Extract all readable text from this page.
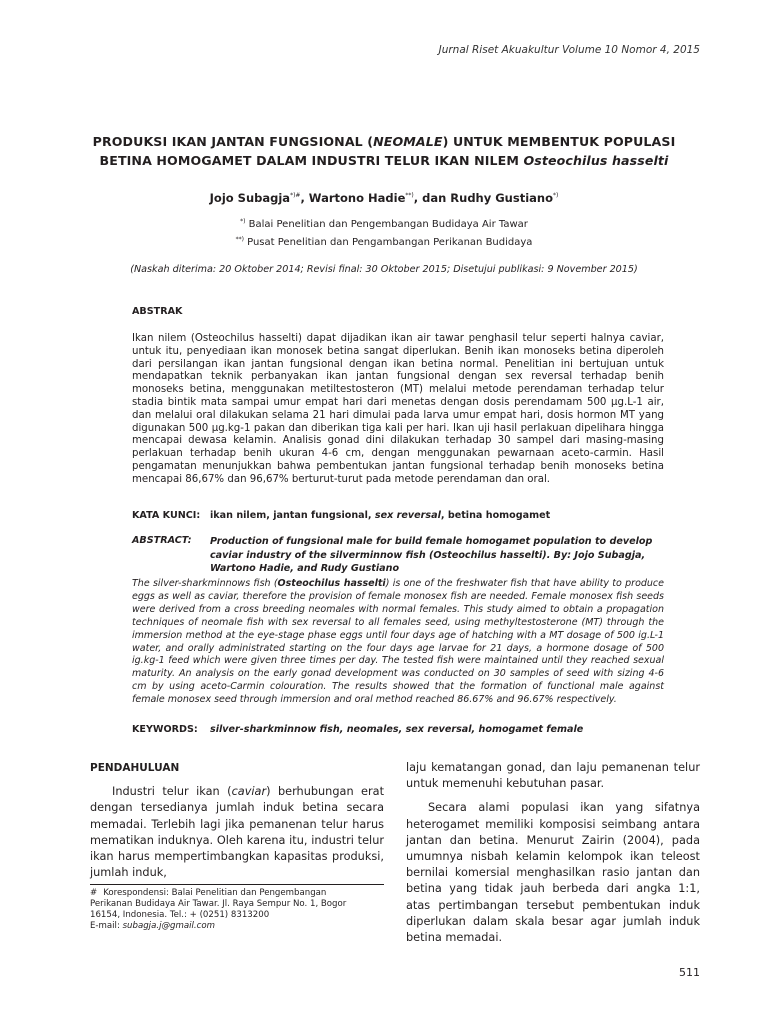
Jurnal Riset Akuakultur Volume 10 Nomor 4, 2015
PRODUKSI IKAN JANTAN FUNGSIONAL (NEOMALE) UNTUK MEMBENTUK POPULASI
BETINA HOMOGAMET DALAM INDUSTRI TELUR IKAN NILEM Osteochilus hasselti
Jojo Subagja*)#, Wartono Hadie**), dan Rudhy Gustiano*)
*) Balai Penelitian dan Pengembangan Budidaya Air Tawar
**) Pusat Penelitian dan Pengambangan Perikanan Budidaya
(Naskah diterima: 20 Oktober 2014; Revisi final: 30 Oktober 2015; Disetujui publikasi: 9 November 2015)
ABSTRAK
Ikan nilem (Osteochilus hasselti) dapat dijadikan ikan air tawar penghasil telur seperti halnya caviar, untuk itu, penyediaan ikan monosek betina sangat diperlukan. Benih ikan monoseks betina diperoleh dari persilangan ikan jantan fungsional dengan ikan betina normal. Penelitian ini bertujuan untuk mendapatkan teknik perbanyakan ikan jantan fungsional dengan sex reversal terhadap benih monoseks betina, menggunakan metiltestosteron (MT) melalui metode perendaman terhadap telur stadia bintik mata sampai umur empat hari dari menetas dengan dosis perendamam 500 µg.L-1 air, dan melalui oral dilakukan selama 21 hari dimulai pada larva umur empat hari, dosis hormon MT yang digunakan 500 µg.kg-1 pakan dan diberikan tiga kali per hari. Ikan uji hasil perlakuan dipelihara hingga mencapai dewasa kelamin. Analisis gonad dini dilakukan terhadap 30 sampel dari masing-masing perlakuan terhadap benih ukuran 4-6 cm, dengan menggunakan pewarnaan aceto-carmin. Hasil pengamatan menunjukkan bahwa pembentukan jantan fungsional terhadap benih monoseks betina mencapai 86,67% dan 96,67% berturut-turut pada metode perendaman dan oral.
KATA KUNCI:	ikan nilem, jantan fungsional, sex reversal, betina homogamet
ABSTRACT:	Production of fungsional male for build female homogamet population to develop caviar industry of the silverminnow fish (Osteochilus hasselti). By: Jojo Subagja, Wartono Hadie, and Rudy Gustiano
The silver-sharkminnows fish (Osteochilus hasselti) is one of the freshwater fish that have ability to produce eggs as well as caviar, therefore the provision of female monosex fish are needed. Female monosex fish seeds were derived from a cross breeding neomales with normal females. This study aimed to obtain a propagation techniques of neomale fish with sex reversal to all females seed, using methyltestosterone (MT) through the immersion method at the eye-stage phase eggs until four days age of hatching with a MT dosage of 500 ig.L-1 water, and orally administrated starting on the four days age larvae for 21 days, a hormone dosage of 500 ig.kg-1 feed which were given three times per day. The tested fish were maintained until they reached sexual maturity. An analysis on the early gonad development was conducted on 30 samples of seed with sizing 4-6 cm by using aceto-Carmin colouration. The results showed that the formation of functional male against female monosex seed through immersion and oral method reached 86.67% and 96.67% respectively.
KEYWORDS:	silver-sharkminnow fish, neomales, sex reversal, homogamet female
PENDAHULUAN

Industri telur ikan (caviar) berhubungan erat dengan tersedianya jumlah induk betina secara memadai. Terlebih lagi jika pemanenan telur harus mematikan induknya. Oleh karena itu, industri telur ikan harus mempertimbangkan kapasitas produksi, jumlah induk,

laju kematangan gonad, dan laju pemanenan telur untuk memenuhi kebutuhan pasar.

Secara alami populasi ikan yang sifatnya heterogamet memiliki komposisi seimbang antara jantan dan betina. Menurut Zairin (2004), pada umumnya nisbah kelamin kelompok ikan teleost bernilai komersial menghasilkan rasio jantan dan betina yang tidak jauh berbeda dari angka 1:1, atas pertimbangan tersebut pembentukan induk diperlukan dalam skala besar agar jumlah induk betina memadai.

# Korespondensi: Balai Penelitian dan Pengembangan
Perikanan Budidaya Air Tawar. Jl. Raya Sempur No. 1, Bogor
16154, Indonesia. Tel.: + (0251) 8313200
E-mail: subagja.j@gmail.com
511
